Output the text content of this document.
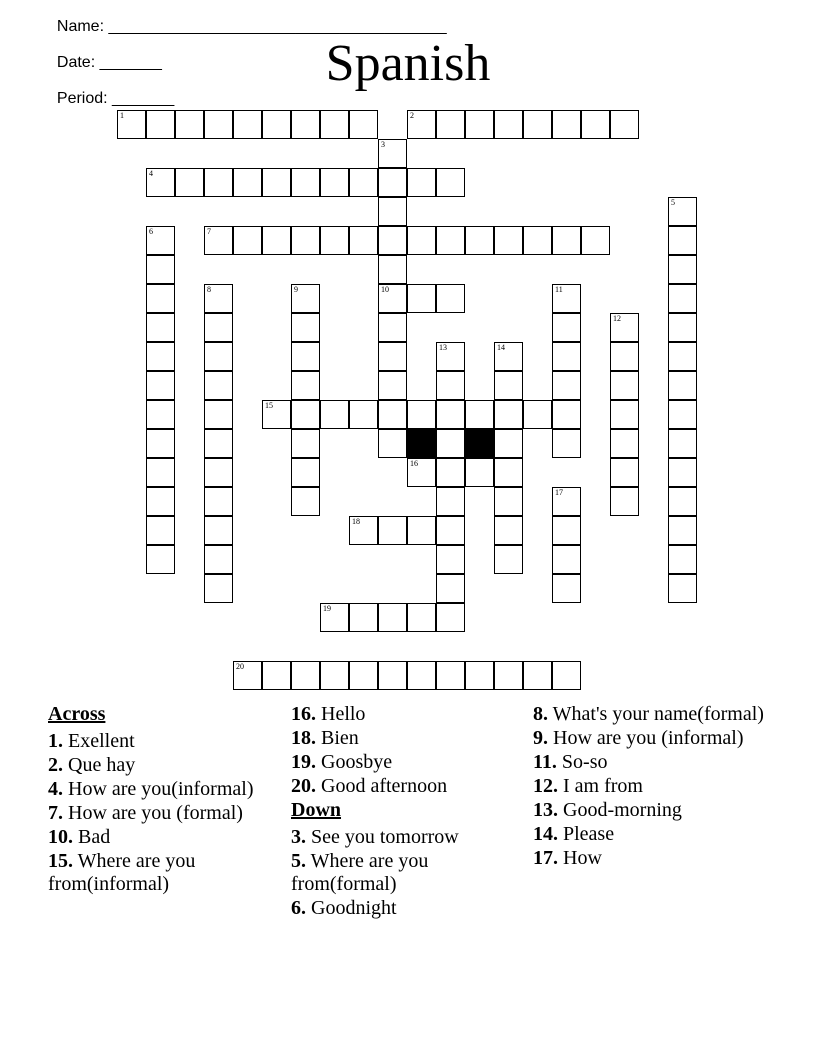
Name: ______________________________________

Date: _______

Period: _______

Spanish
1	2
3
4
5
6	7
8	9	10	11
12
13	14
15
16
17
18
19
20
Across
1. Exellent
2. Que hay
4. How are you(informal)
7. How are you (formal)
10. Bad
15. Where are you from(informal)
16. Hello
18. Bien
19. Goosbye
20. Good afternoon
Down
3. See you tomorrow
5. Where are you from(formal)
6. Goodnight
8. What's your name(formal)
9. How are you (informal)
11. So-so
12. I am from
13. Good-morning
14. Please
17. How
